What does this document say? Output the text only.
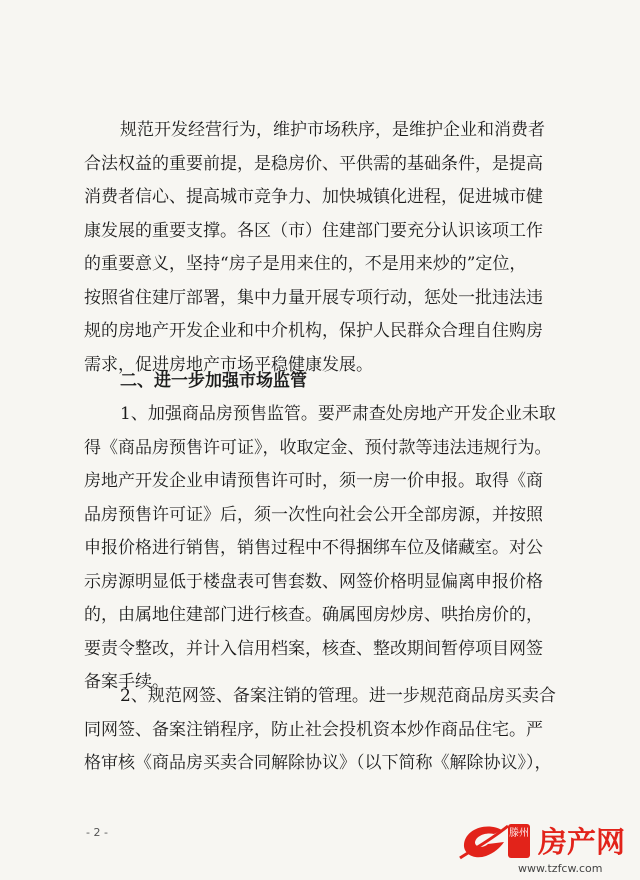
规范开发经营行为，维护市场秩序，是维护企业和消费者
合法权益的重要前提，是稳房价、平供需的基础条件，是提高
消费者信心、提高城市竞争力、加快城镇化进程，促进城市健
康发展的重要支撑。各区（市）住建部门要充分认识该项工作
的重要意义，坚持“房子是用来住的，不是用来炒的”定位，
按照省住建厅部署，集中力量开展专项行动，惩处一批违法违
规的房地产开发企业和中介机构，保护人民群众合理自住购房
需求，促进房地产市场平稳健康发展。
二、进一步加强市场监管
1、加强商品房预售监管。要严肃查处房地产开发企业未取
得《商品房预售许可证》，收取定金、预付款等违法违规行为。
房地产开发企业申请预售许可时，须一房一价申报。取得《商
品房预售许可证》后，须一次性向社会公开全部房源，并按照
申报价格进行销售，销售过程中不得捆绑车位及储藏室。对公
示房源明显低于楼盘表可售套数、网签价格明显偏离申报价格
的，由属地住建部门进行核查。确属囤房炒房、哄抬房价的，
要责令整改，并计入信用档案，核查、整改期间暂停项目网签
备案手续。
2、规范网签、备案注销的管理。进一步规范商品房买卖合
同网签、备案注销程序，防止社会投机资本炒作商品住宅。严
格审核《商品房买卖合同解除协议》（以下简称《解除协议》），
- 2 -	滕州 房产网
www.tzfcw.com
